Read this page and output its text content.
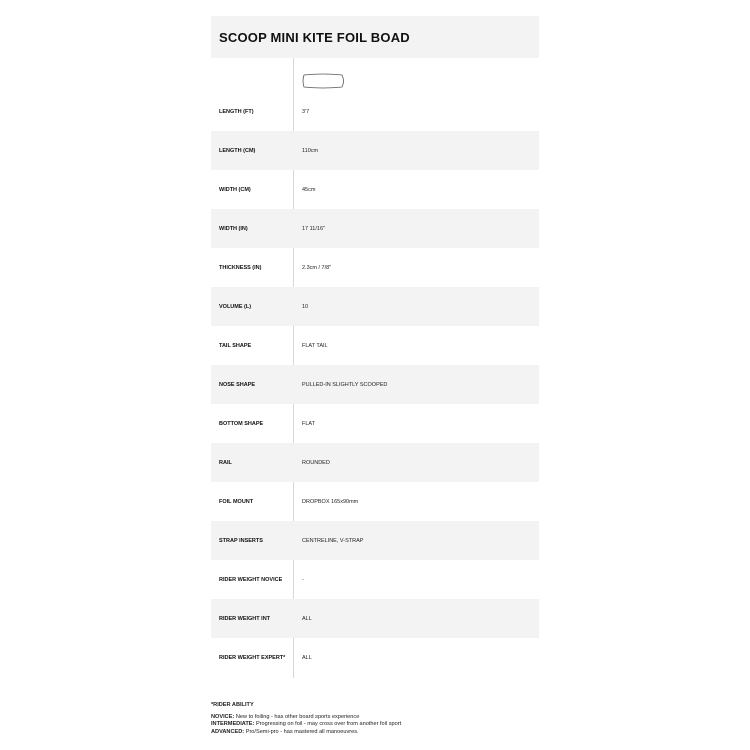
SCOOP MINI KITE FOIL BOAD
LENGTH (FT)	3'7
LENGTH (CM)	110cm
WIDTH (CM)	45cm
WIDTH (IN)	17 11/16"
THICKNESS (IN)	2.3cm / 7/8"
VOLUME (L)	10
TAIL SHAPE	FLAT TAIL
NOSE SHAPE	PULLED-IN SLIGHTLY SCOOPED
BOTTOM SHAPE	FLAT
RAIL	ROUNDED
FOIL MOUNT	DROPBOX 165x90mm
STRAP INSERTS	CENTRELINE, V-STRAP
RIDER WEIGHT NOVICE	-
RIDER WEIGHT INT	ALL
RIDER WEIGHT EXPERT*	ALL
*RIDER ABILITY
NOVICE: New to foiling - has other board sports experience
INTERMEDIATE: Progressing on foil - may cross over from another foil sport
ADVANCED: Pro/Semi-pro - has mastered all manoeuvres.
